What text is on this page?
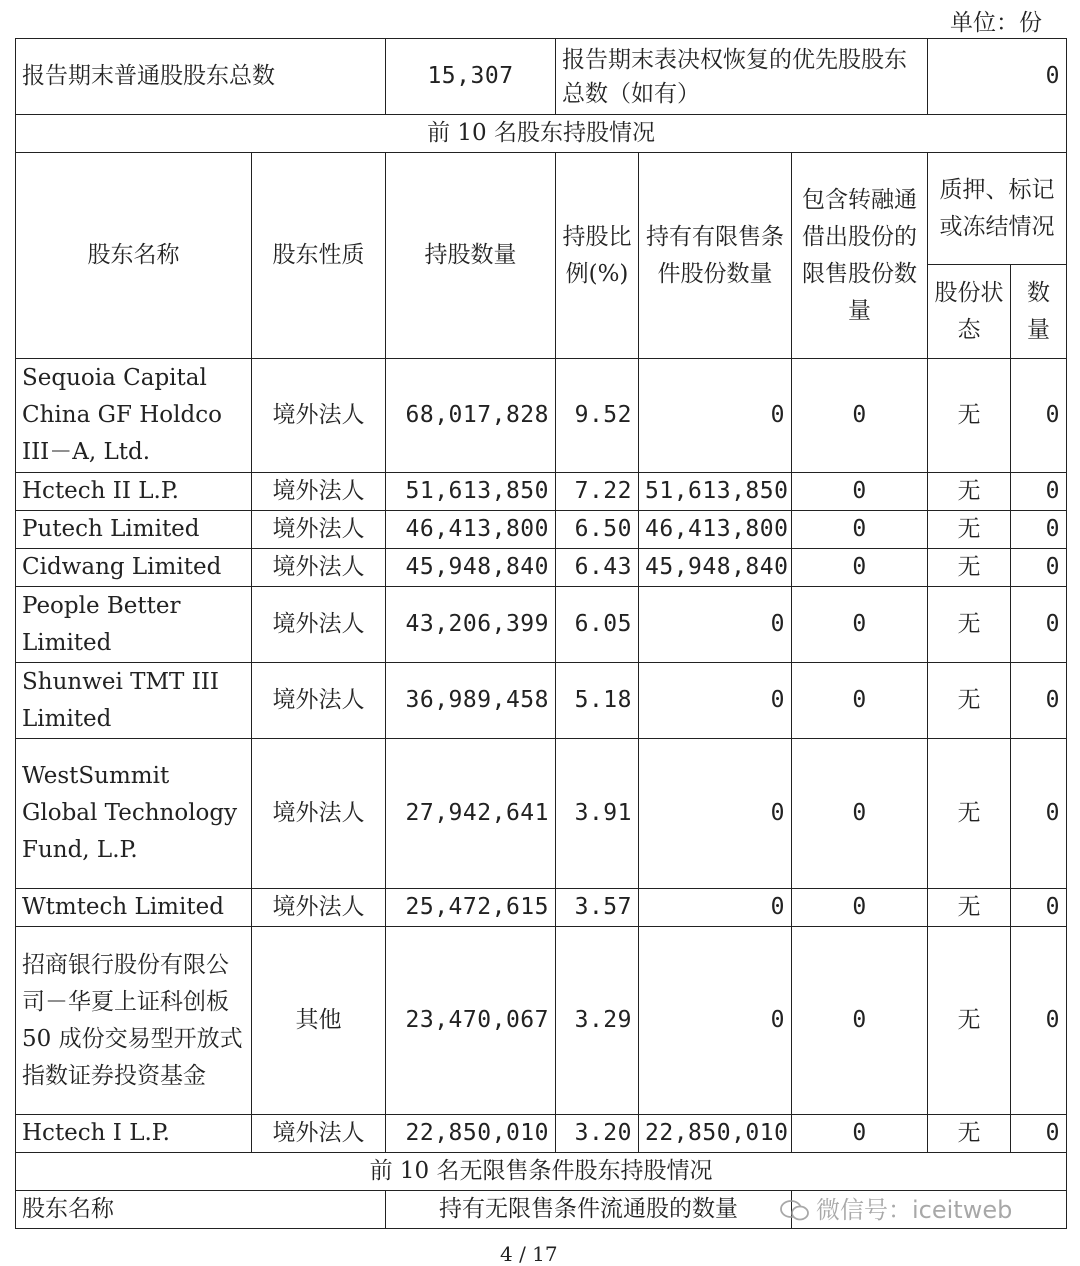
单位：份
报告期末普通股股东总数		15,307	报告期末表决权恢复的优先股股东总数（如有）			0	
前 10 名股东持股情况							
股东名称	股东性质	持股数量	持股比例(%)	持有有限售条件股份数量	包含转融通借出股份的限售股份数量	质押、标记或冻结情况	
						股份状态	数量
Sequoia Capital China GF Holdco III－A, Ltd.	境外法人	68,017,828	9.52	0	0	无	0
Hctech II L.P.	境外法人	51,613,850	7.22	51,613,850	0	无	0
Putech Limited	境外法人	46,413,800	6.50	46,413,800	0	无	0
Cidwang Limited	境外法人	45,948,840	6.43	45,948,840	0	无	0
People Better Limited	境外法人	43,206,399	6.05	0	0	无	0
Shunwei TMT III Limited	境外法人	36,989,458	5.18	0	0	无	0
WestSummit Global Technology Fund, L.P.	境外法人	27,942,641	3.91	0	0	无	0
Wtmtech Limited	境外法人	25,472,615	3.57	0	0	无	0
招商银行股份有限公司－华夏上证科创板 50 成份交易型开放式指数证券投资基金	其他	23,470,067	3.29	0	0	无	0
Hctech I L.P.	境外法人	22,850,010	3.20	22,850,010	0	无	0
前 10 名无限售条件股东持股情况							
股东名称		持有无限售条件流通股的数量						微信号：iceitweb
4 / 17
